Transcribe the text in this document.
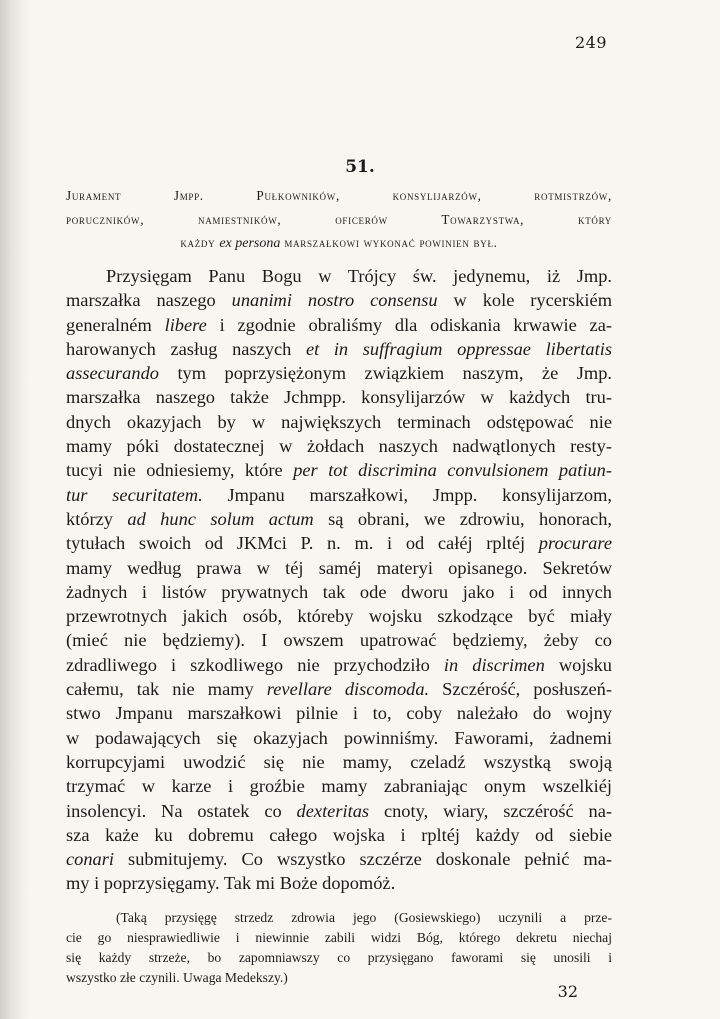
249
51.
Jurament Jmpp. Pułkowników, konsylijarzów, rotmistrzów,
poruczników, namiestników, oficerów Towarzystwa, który
każdy ex persona marszałkowi wykonać powinien był.
Przysięgam Panu Bogu w Trójcy św. jedynemu, iż Jmp.
marszałka naszego unanimi nostro consensu w kole rycerskiém
generalném libere i zgodnie obraliśmy dla odiskania krwawie za-
harowanych zasług naszych et in suffragium oppressae libertatis
assecurando tym poprzysiężonym związkiem naszym, że Jmp.
marszałka naszego także Jchmpp. konsylijarzów w każdych tru-
dnych okazyjach by w największych terminach odstępować nie
mamy póki dostatecznej w żołdach naszych nadwątlonych resty-
tucyi nie odniesiemy, które per tot discrimina convulsionem patiun-
tur securitatem. Jmpanu marszałkowi, Jmpp. konsylijarzom,
którzy ad hunc solum actum są obrani, we zdrowiu, honorach,
tytułach swoich od JKMci P. n. m. i od całéj rpltéj procurare
mamy według prawa w téj saméj materyi opisanego. Sekretów
żadnych i listów prywatnych tak ode dworu jako i od innych
przewrotnych jakich osób, któreby wojsku szkodzące być miały
(mieć nie będziemy). I owszem upatrować będziemy, żeby co
zdradliwego i szkodliwego nie przychodziło in discrimen wojsku
całemu, tak nie mamy revellare discomoda. Szczérość, posłuszeń-
stwo Jmpanu marszałkowi pilnie i to, coby należało do wojny
w podawających się okazyjach powinniśmy. Faworami, żadnemi
korrupcyjami uwodzić się nie mamy, czeladź wszystką swoją
trzymać w karze i groźbie mamy zabraniając onym wszelkiéj
insolencyi. Na ostatek co dexteritas cnoty, wiary, szczérość na-
sza każe ku dobremu całego wojska i rpltéj każdy od siebie
conari submitujemy. Co wszystko szczérze doskonale pełnić ma-
my i poprzysięgamy. Tak mi Boże dopomóż.
(Taką przysięgę strzedz zdrowia jego (Gosiewskiego) uczynili a prze-
cie go niesprawiedliwie i niewinnie zabili widzi Bóg, którego dekretu niechaj
się każdy strzeże, bo zapomniawszy co przysięgano faworami się unosili i
wszystko złe czynili. Uwaga Medekszy.)
32
